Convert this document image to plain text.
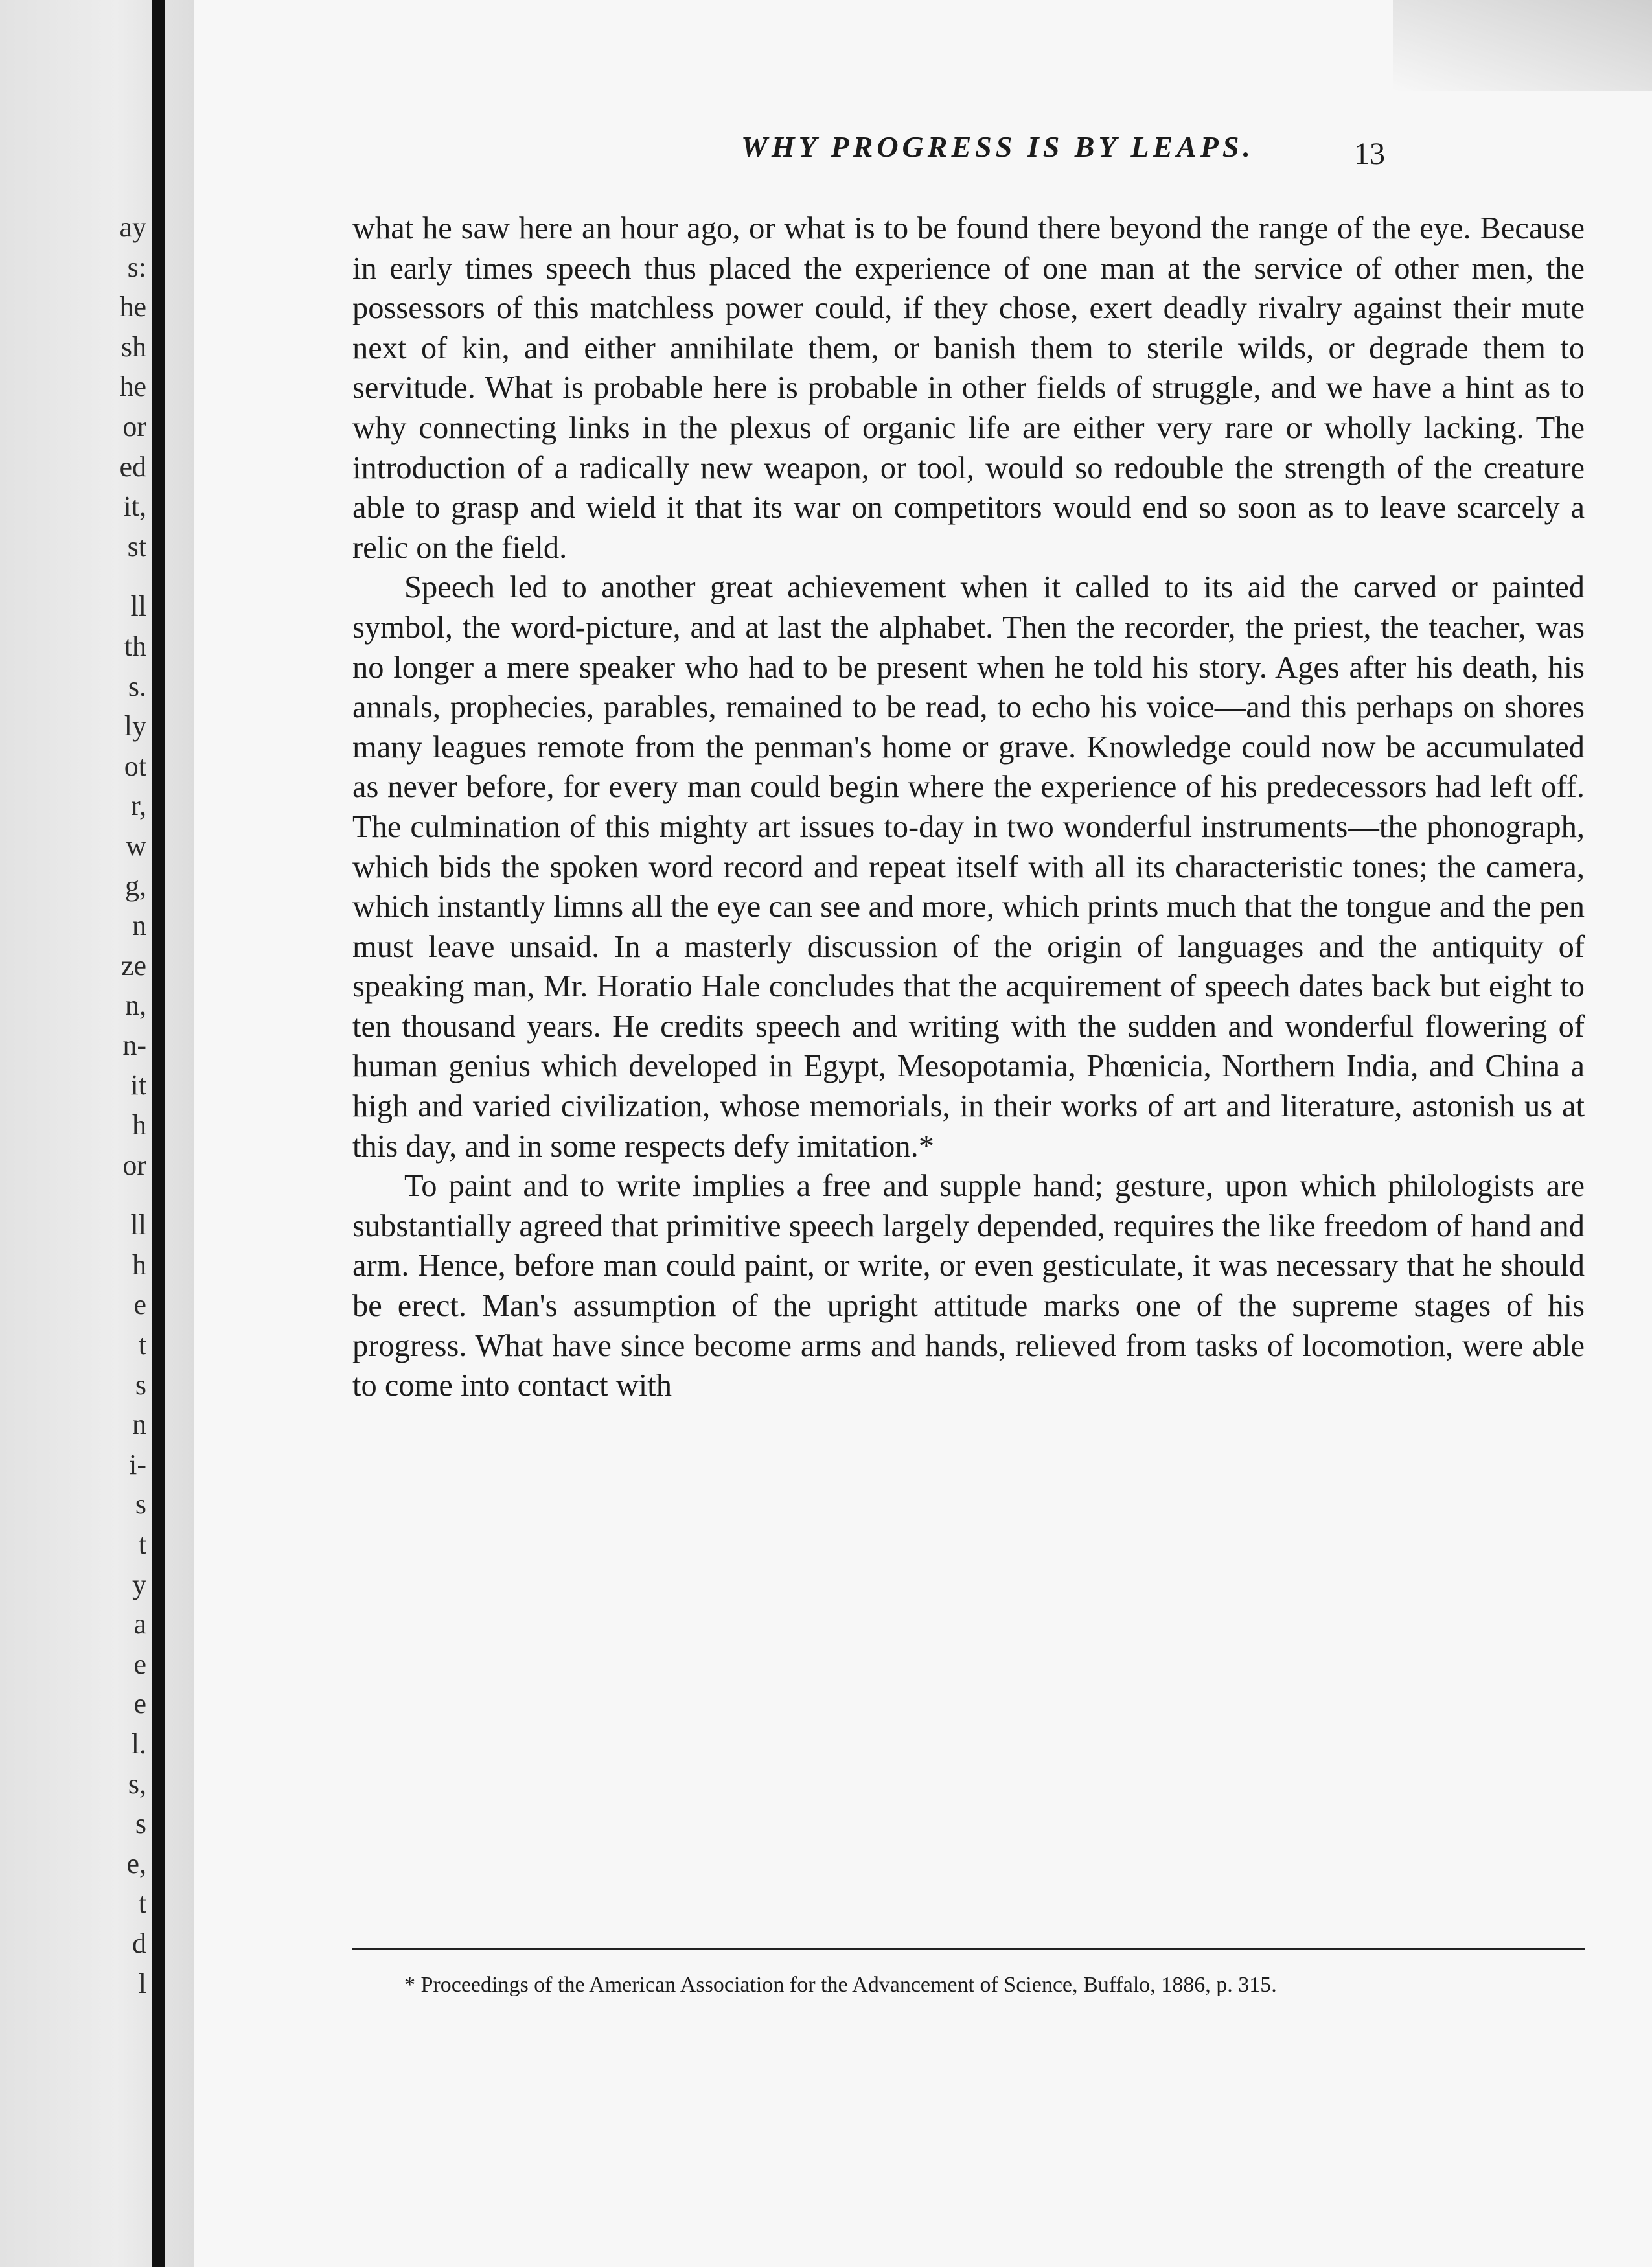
ay
s:
he
sh
he
or
ed
it,
st
ll
th
s.
ly
ot
r,
w
g,
n
ze
n,
n-
it
h
or
ll
h
e
t
s
n
i-
s
t
y
a
e
e
l.
s,
s
e,
t
d
l
WHY PROGRESS IS BY LEAPS.	13

what he saw here an hour ago, or what is to be found there beyond the range of the eye. Because in early times speech thus placed the experience of one man at the service of other men, the possessors of this matchless power could, if they chose, exert deadly rivalry against their mute next of kin, and either annihilate them, or banish them to sterile wilds, or degrade them to servitude. What is probable here is probable in other fields of struggle, and we have a hint as to why connecting links in the plexus of organic life are either very rare or wholly lacking. The introduction of a radically new weapon, or tool, would so redouble the strength of the creature able to grasp and wield it that its war on competitors would end so soon as to leave scarcely a relic on the field.

Speech led to another great achievement when it called to its aid the carved or painted symbol, the word-picture, and at last the alphabet. Then the recorder, the priest, the teacher, was no longer a mere speaker who had to be present when he told his story. Ages after his death, his annals, prophecies, parables, remained to be read, to echo his voice—and this perhaps on shores many leagues remote from the penman's home or grave. Knowledge could now be accumulated as never before, for every man could begin where the experience of his predecessors had left off. The culmination of this mighty art issues to-day in two wonderful instruments—the phonograph, which bids the spoken word record and repeat itself with all its characteristic tones; the camera, which instantly limns all the eye can see and more, which prints much that the tongue and the pen must leave unsaid. In a masterly discussion of the origin of languages and the antiquity of speaking man, Mr. Horatio Hale concludes that the acquirement of speech dates back but eight to ten thousand years. He credits speech and writing with the sudden and wonderful flowering of human genius which developed in Egypt, Mesopotamia, Phœnicia, Northern India, and China a high and varied civilization, whose memorials, in their works of art and literature, astonish us at this day, and in some respects defy imitation.*

To paint and to write implies a free and supple hand; gesture, upon which philologists are substantially agreed that primitive speech largely depended, requires the like freedom of hand and arm. Hence, before man could paint, or write, or even gesticulate, it was necessary that he should be erect. Man's assumption of the upright attitude marks one of the supreme stages of his progress. What have since become arms and hands, relieved from tasks of locomotion, were able to come into contact with

* Proceedings of the American Association for the Advancement of Science, Buffalo, 1886, p. 315.
